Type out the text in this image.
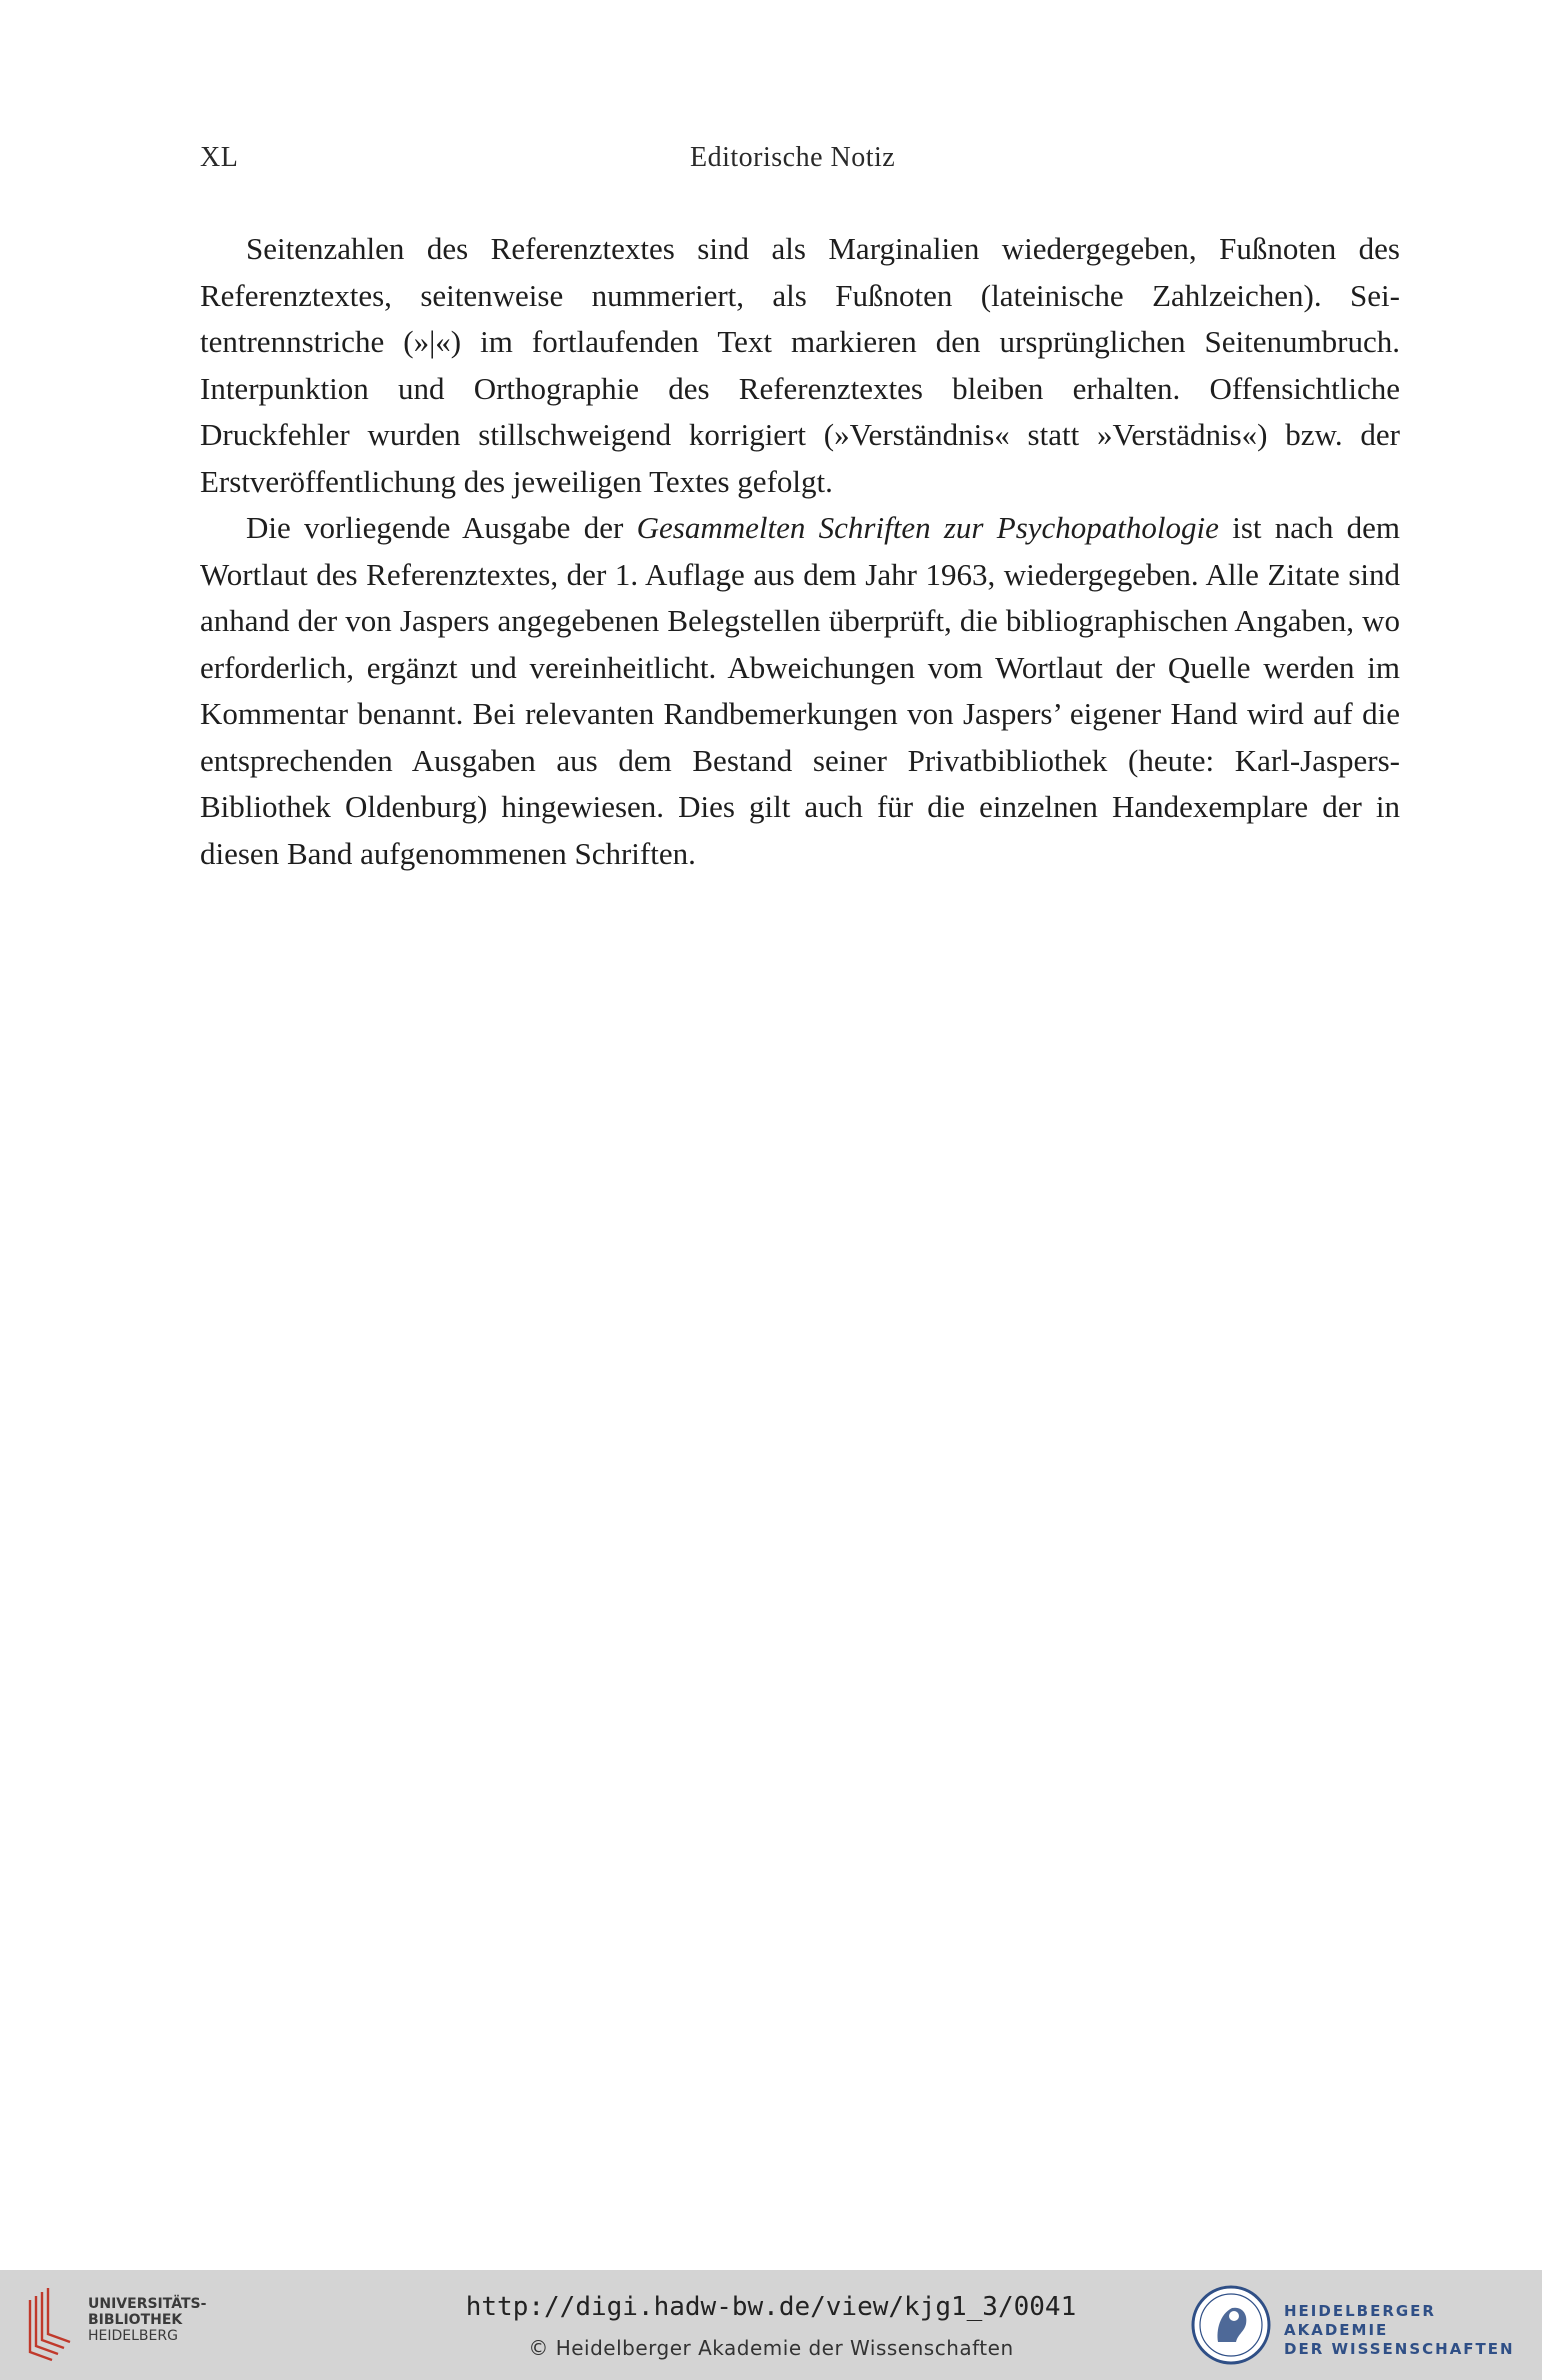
XL	Editorische Notiz

Seitenzahlen des Referenztextes sind als Marginalien wiedergegeben, Fußnoten des Referenztextes, seitenweise nummeriert, als Fußnoten (lateinische Zahlzeichen). Seitentrennstriche (»|«) im fortlaufenden Text markieren den ursprünglichen Seitenumbruch. Interpunktion und Orthographie des Referenztextes bleiben erhalten. Offensichtliche Druckfehler wurden stillschweigend korrigiert (»Verständnis« statt »Verstädnis«) bzw. der Erstveröffentlichung des jeweiligen Textes gefolgt.

Die vorliegende Ausgabe der Gesammelten Schriften zur Psychopathologie ist nach dem Wortlaut des Referenztextes, der 1. Auflage aus dem Jahr 1963, wiedergegeben. Alle Zitate sind anhand der von Jaspers angegebenen Belegstellen überprüft, die bibliographischen Angaben, wo erforderlich, ergänzt und vereinheitlicht. Abweichungen vom Wortlaut der Quelle werden im Kommentar benannt. Bei relevanten Randbemerkungen von Jaspers’ eigener Hand wird auf die entsprechenden Ausgaben aus dem Bestand seiner Privatbibliothek (heute: Karl-Jaspers-Bibliothek Oldenburg) hingewiesen. Dies gilt auch für die einzelnen Handexemplare der in diesen Band aufgenommenen Schriften.

UNIVERSITÄTS-
BIBLIOTHEK
HEIDELBERG
http://digi.hadw-bw.de/view/kjg1_3/0041
© Heidelberger Akademie der Wissenschaften
HEIDELBERGER AKADEMIE
DER WISSENSCHAFTEN
